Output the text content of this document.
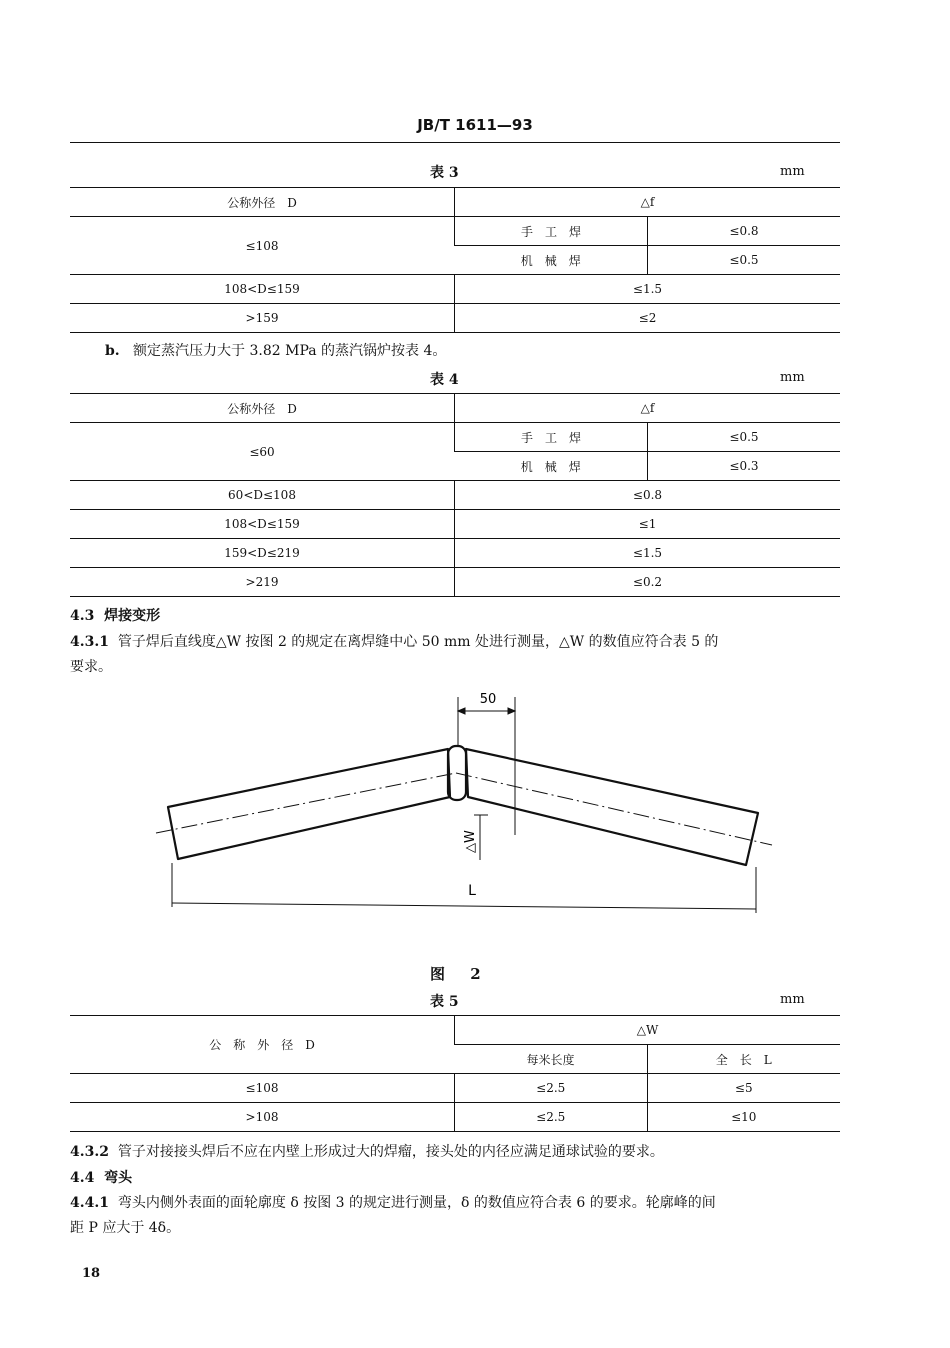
JB/T 1611—93
表 3	mm
公称外径　D	△f	
≤108	手　工　焊	≤0.8
	机　械　焊	≤0.5
108<D≤159	≤1.5	
>159	≤2	
b. 额定蒸汽压力大于 3.82 MPa 的蒸汽锅炉按表 4。
表 4	mm
公称外径　D	△f	
≤60	手　工　焊	≤0.5
	机　械　焊	≤0.3
60<D≤108	≤0.8	
108<D≤159	≤1	
159<D≤219	≤1.5	
>219	≤0.2	
4.3 焊接变形
4.3.1 管子焊后直线度△W 按图 2 的规定在离焊缝中心 50 mm 处进行测量，△W 的数值应符合表 5 的
要求。
50
△W
L
图 2
表 5	mm
公　称　外　径　D	△W	
	每米长度	全　长　L
≤108	≤2.5	≤5
>108	≤2.5	≤10
4.3.2 管子对接接头焊后不应在内壁上形成过大的焊瘤，接头处的内径应满足通球试验的要求。
4.4 弯头
4.4.1 弯头内侧外表面的面轮廓度 δ 按图 3 的规定进行测量，δ 的数值应符合表 6 的要求。轮廓峰的间
距 P 应大于 4δ。
18
